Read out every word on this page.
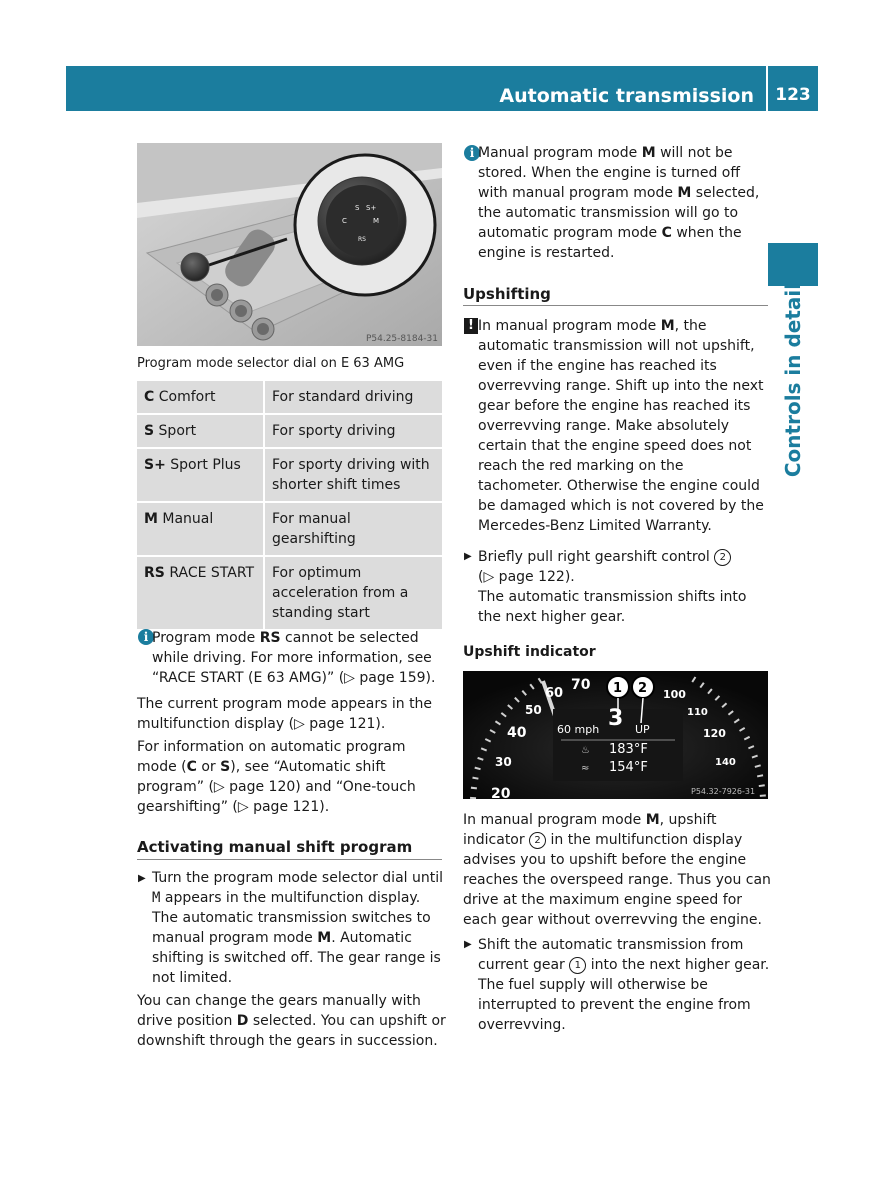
Automatic transmission	123
Controls in detail
S S+
C	M
RS
P54.25-8184-31
Program mode selector dial on E 63 AMG
C Comfort	For standard driving
S Sport	For sporty driving
S+ Sport Plus	For sporty driving with shorter shift times
M Manual	For manual gearshifting
RS RACE START	For optimum acceleration from a standing start
i Program mode RS cannot be selected while driving. For more information, see “RACE START (E 63 AMG)” (▷ page 159).
The current program mode appears in the multifunction display (▷ page 121).
For information on automatic program mode (C or S), see “Automatic shift program” (▷ page 120) and “One-touch gearshifting” (▷ page 121).
Activating manual shift program
▶ Turn the program mode selector dial until M appears in the multifunction display. The automatic transmission switches to manual program mode M. Automatic shifting is switched off. The gear range is not limited.
You can change the gears manually with drive position D selected. You can upshift or downshift through the gears in succession.
i Manual program mode M will not be stored. When the engine is turned off with manual program mode M selected, the automatic transmission will go to automatic program mode C when the engine is restarted.
Upshifting
! In manual program mode M, the automatic transmission will not upshift, even if the engine has reached its overrevving range. Shift up into the next gear before the engine has reached its overrevving range. Make absolutely certain that the engine speed does not reach the red marking on the tachometer. Otherwise the engine could be damaged which is not covered by the Mercedes-Benz Limited Warranty.
▶ Briefly pull right gearshift control 2
(▷ page 122).
The automatic transmission shifts into the next higher gear.
Upshift indicator
20
30
40
50
60
70
100
110
120
140
60 mph 3 UP
♨ 183°F
≈ 154°F
1 2
P54.32-7926-31
In manual program mode M, upshift indicator 2 in the multifunction display advises you to upshift before the engine reaches the overspeed range. Thus you can drive at the maximum engine speed for each gear without overrevving the engine.
▶ Shift the automatic transmission from current gear 1 into the next higher gear. The fuel supply will otherwise be interrupted to prevent the engine from overrevving.
